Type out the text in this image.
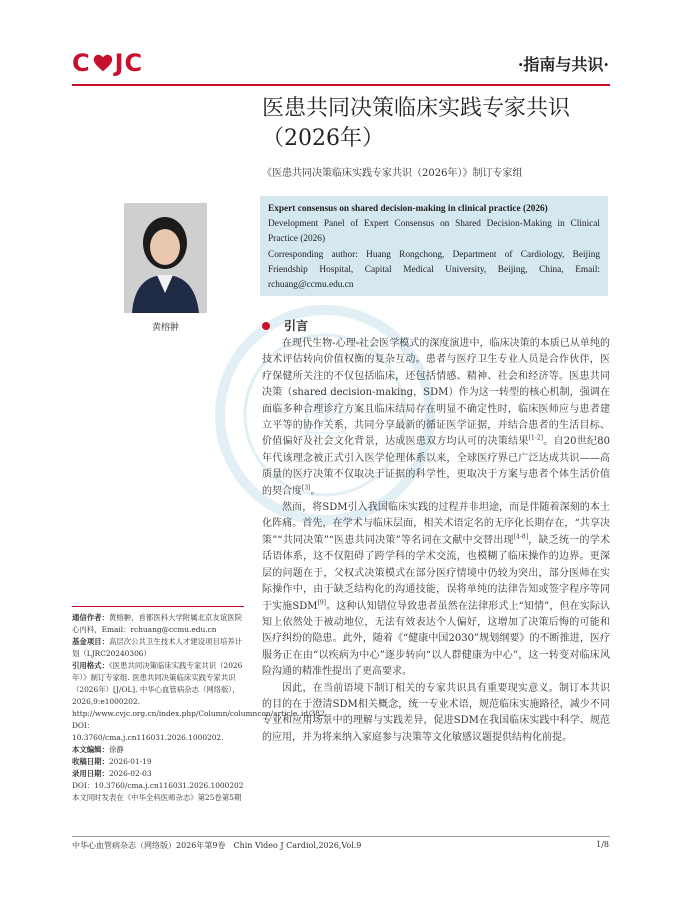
C JC	·指南与共识·
医
医患共同决策临床实践专家共识（2026年）
《医患共同决策临床实践专家共识（2026年）》制订专家组
黄榕翀
Expert consensus on shared decision-making in clinical practice (2026)
Development Panel of Expert Consensus on Shared Decision-Making in Clinical Practice (2026)
Corresponding author: Huang Rongchong, Department of Cardiology, Beijing Friendship Hospital, Capital Medical University, Beijing, China, Email: rchuang@ccmu.edu.cn
引言

在现代生物-心理-社会医学模式的深度演进中，临床决策的本质已从单纯的技术评估转向价值权衡的复杂互动。患者与医疗卫生专业人员是合作伙伴，医疗保健所关注的不仅包括临床，还包括情感、精神、社会和经济等。医患共同决策（shared decision-making，SDM）作为这一转型的核心机制，强调在面临多种合理诊疗方案且临床结局存在明显不确定性时，临床医师应与患者建立平等的协作关系，共同分享最新的循证医学证据，并结合患者的生活目标、价值偏好及社会文化背景，达成医患双方均认可的决策结果[1-2]。自20世纪80年代该理念被正式引入医学伦理体系以来，全球医疗界已广泛达成共识——高质量的医疗决策不仅取决于证据的科学性，更取决于方案与患者个体生活价值的契合度[3]。

然而，将SDM引入我国临床实践的过程并非坦途，而是伴随着深刻的本土化阵痛。首先，在学术与临床层面，相关术语定名的无序化长期存在，“共享决策”“共同决策”“医患共同决策”等名词在文献中交替出现[4-8]，缺乏统一的学术话语体系，这不仅阻碍了跨学科的学术交流，也模糊了临床操作的边界。更深层的问题在于，父权式决策模式在部分医疗情境中仍较为突出，部分医师在实际操作中，由于缺乏结构化的沟通技能，误将单纯的法律告知或签字程序等同于实施SDM[9]。这种认知错位导致患者虽然在法律形式上“知情”，但在实际认知上依然处于被动地位，无法有效表达个人偏好，这增加了决策后悔的可能和医疗纠纷的隐患。此外，随着《“健康中国2030”规划纲要》的不断推进，医疗服务正在由“以疾病为中心”逐步转向“以人群健康为中心”，这一转变对临床风险沟通的精准性提出了更高要求。

因此，在当前语境下制订相关的专家共识具有重要现实意义。制订本共识的目的在于澄清SDM相关概念，统一专业术语，规范临床实施路径，减少不同专业和应用场景中的理解与实践差异，促进SDM在我国临床实践中科学、规范的应用，并为将来纳入家庭参与决策等文化敏感议题提供结构化前提。

通信作者：黄榕翀，首都医科大学附属北京友谊医院心内科，Email：rchuang@ccmu.edu.cn
基金项目：高层次公共卫生技术人才建设项目培养计划（LJRC20240306）
引用格式：《医患共同决策临床实践专家共识（2026年）》制订专家组. 医患共同决策临床实践专家共识（2026年）[J/OL]. 中华心血管病杂志（网络版），2026,9:e1000202. http://www.cvjc.org.cn/index.php/Column/columncon/article_id/382. DOI：10.3760/cma.j.cn116031.2026.1000202.
本文编辑：徐静
收稿日期：2026-01-19
录用日期：2026-02-03
DOI：10.3760/cma.j.cn116031.2026.1000202
本文同时发表在《中华全科医师杂志》第25卷第5期
中华心血管病杂志（网络版）2026年第9卷　Chin Video J Cardiol,2026,Vol.9	1/8
